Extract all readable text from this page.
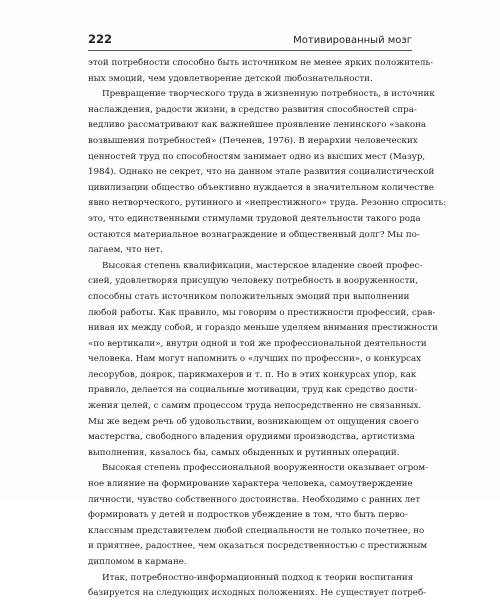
222	Мотивированный мозг
этой потребности способно быть источником не менее ярких положитель-
ных эмоций, чем удовлетворение детской любознательности.
Превращение творческого труда в жизненную потребность, в источник
наслаждения, радости жизни, в средство развития способностей спра-
ведливо рассматривают как важнейшее проявление ленинского «закона
возвышения потребностей» (Печенев, 1976). В иерархии человеческих
ценностей труд по способностям занимает одно из высших мест (Мазур,
1984). Однако не секрет, что на данном этапе развития социалистической
цивилизации общество объективно нуждается в значительном количестве
явно нетворческого, рутинного и «непрестижного» труда. Резонно спросить:
это, что единственными стимулами трудовой деятельности такого рода
остаются материальное вознаграждение и общественный долг? Мы по-
лагаем, что нет.
Высокая степень квалификации, мастерское владение своей профес-
сией, удовлетворяя присущую человеку потребность в вооруженности,
способны стать источником положительных эмоций при выполнении
любой работы. Как правило, мы говорим о престижности профессий, срав-
нивая их между собой, и гораздо меньше уделяем внимания престижности
«по вертикали», внутри одной и той же профессиональной деятельности
человека. Нам могут напомнить о «лучших по профессии», о конкурсах
лесорубов, доярок, парикмахеров и т. п. Но в этих конкурсах упор, как
правило, делается на социальные мотивации, труд как средство дости-
жения целей, с самим процессом труда непосредственно не связанных.
Мы же ведем речь об удовольствии, возникающем от ощущения своего
мастерства, свободного владения орудиями производства, артистизма
выполнения, казалось бы, самых обыденных и рутинных операций.
Высокая степень профессиональной вооруженности оказывает огром-
ное влияние на формирование характера человека, самоутверждение
личности, чувство собственного достоинства. Необходимо с ранних лет
формировать у детей и подростков убеждение в том, что быть перво-
классным представителем любой специальности не только почетнее, но
и приятнее, радостнее, чем оказаться посредственностью с престижным
дипломом в кармане.
Итак, потребностно-информационный подход к теории воспитания
базируется на следующих исходных положениях. Не существует потреб-
